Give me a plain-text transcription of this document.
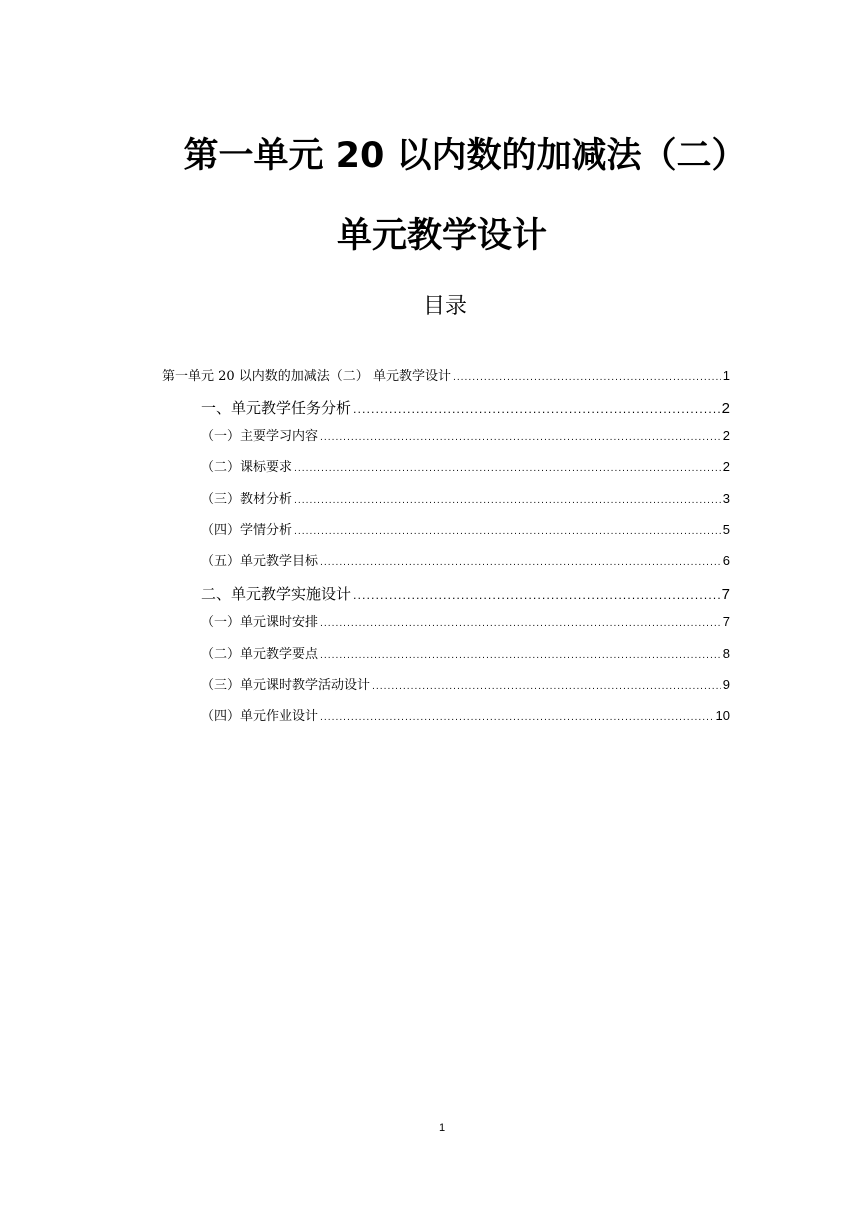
第一单元 20 以内数的加减法（二）
单元教学设计
目录
第一单元 20 以内数的加减法（二） 单元教学设计 .....	1
一、单元教学任务分析 .....	2
（一）主要学习内容 .....	2
（二）课标要求 .....	2
（三）教材分析 .....	3
（四）学情分析 .....	5
（五）单元教学目标 .....	6
二、单元教学实施设计 .....	7
（一）单元课时安排 .....	7
（二）单元教学要点 .....	8
（三）单元课时教学活动设计 .....	9
（四）单元作业设计 .....	10
1
